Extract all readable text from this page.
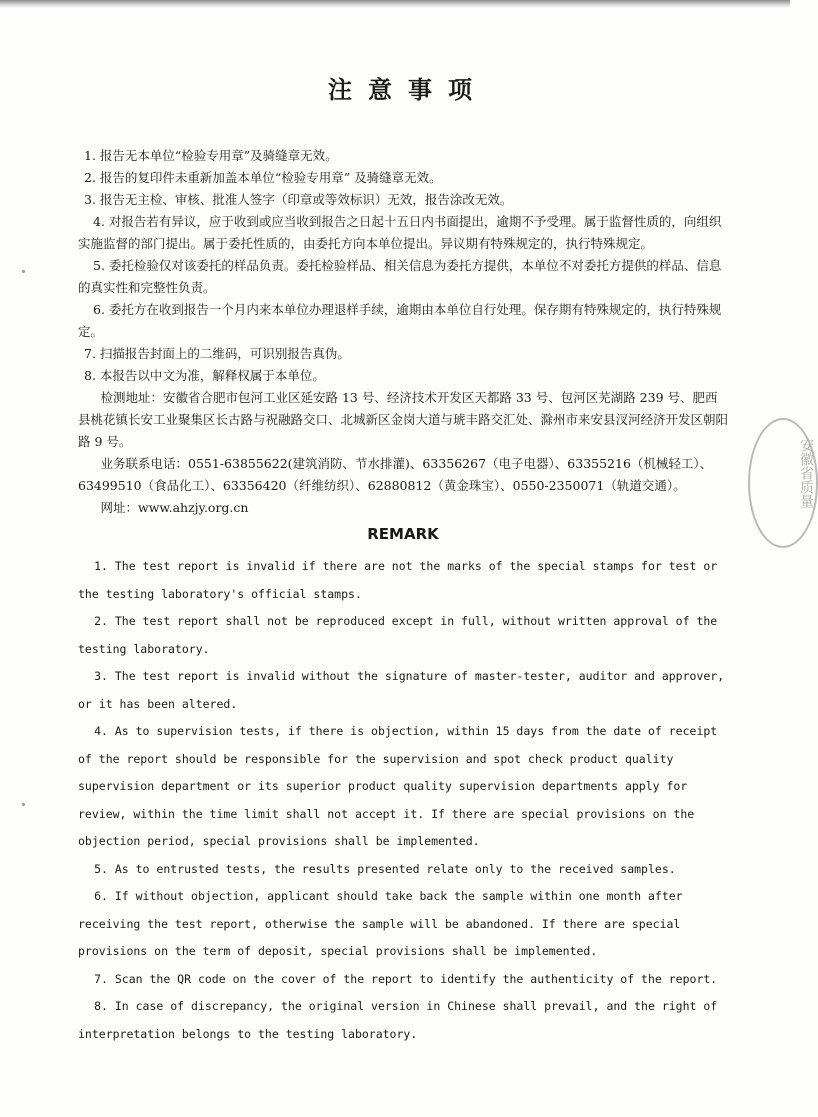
注意事项

1. 报告无本单位“检验专用章”及骑缝章无效。

2. 报告的复印件未重新加盖本单位“检验专用章” 及骑缝章无效。

3. 报告无主检、审核、批准人签字（印章或等效标识）无效，报告涂改无效。

4. 对报告若有异议，应于收到或应当收到报告之日起十五日内书面提出，逾期不予受理。属于监督性质的，向组织实施监督的部门提出。属于委托性质的，由委托方向本单位提出。异议期有特殊规定的，执行特殊规定。

5. 委托检验仅对该委托的样品负责。委托检验样品、相关信息为委托方提供，本单位不对委托方提供的样品、信息的真实性和完整性负责。

6. 委托方在收到报告一个月内来本单位办理退样手续，逾期由本单位自行处理。保存期有特殊规定的，执行特殊规定。

7. 扫描报告封面上的二维码，可识别报告真伪。

8. 本报告以中文为准，解释权属于本单位。

检测地址：安徽省合肥市包河工业区延安路 13 号、经济技术开发区天都路 33 号、包河区芜湖路 239 号、肥西县桃花镇长安工业聚集区长古路与祝融路交口、北城新区金岗大道与琥丰路交汇处、滁州市来安县汊河经济开发区朝阳路 9 号。

业务联系电话：0551-63855622(建筑消防、节水排灌)、63356267（电子电器）、63355216（机械轻工）、63499510（食品化工）、63356420（纤维纺织）、62880812（黄金珠宝）、0550-2350071（轨道交通）。

网址：www.ahzjy.org.cn

REMARK

1. The test report is invalid if there are not the marks of the special stamps for test or the testing laboratory's official stamps.

2. The test report shall not be reproduced except in full, without written approval of the testing laboratory.

3. The test report is invalid without the signature of master-tester, auditor and approver, or it has been altered.

4. As to supervision tests, if there is objection, within 15 days from the date of receipt of the report should be responsible for the supervision and spot check product quality supervision department or its superior product quality supervision departments apply for review, within the time limit shall not accept it. If there are special provisions on the objection period, special provisions shall be implemented.

5. As to entrusted tests, the results presented relate only to the received samples.

6. If without objection, applicant should take back the sample within one month after receiving the test report, otherwise the sample will be abandoned. If there are special provisions on the term of deposit, special provisions shall be implemented.

7. Scan the QR code on the cover of the report to identify the authenticity of the report.

8. In case of discrepancy, the original version in Chinese shall prevail, and the right of interpretation belongs to the testing laboratory.

安徽省质量
